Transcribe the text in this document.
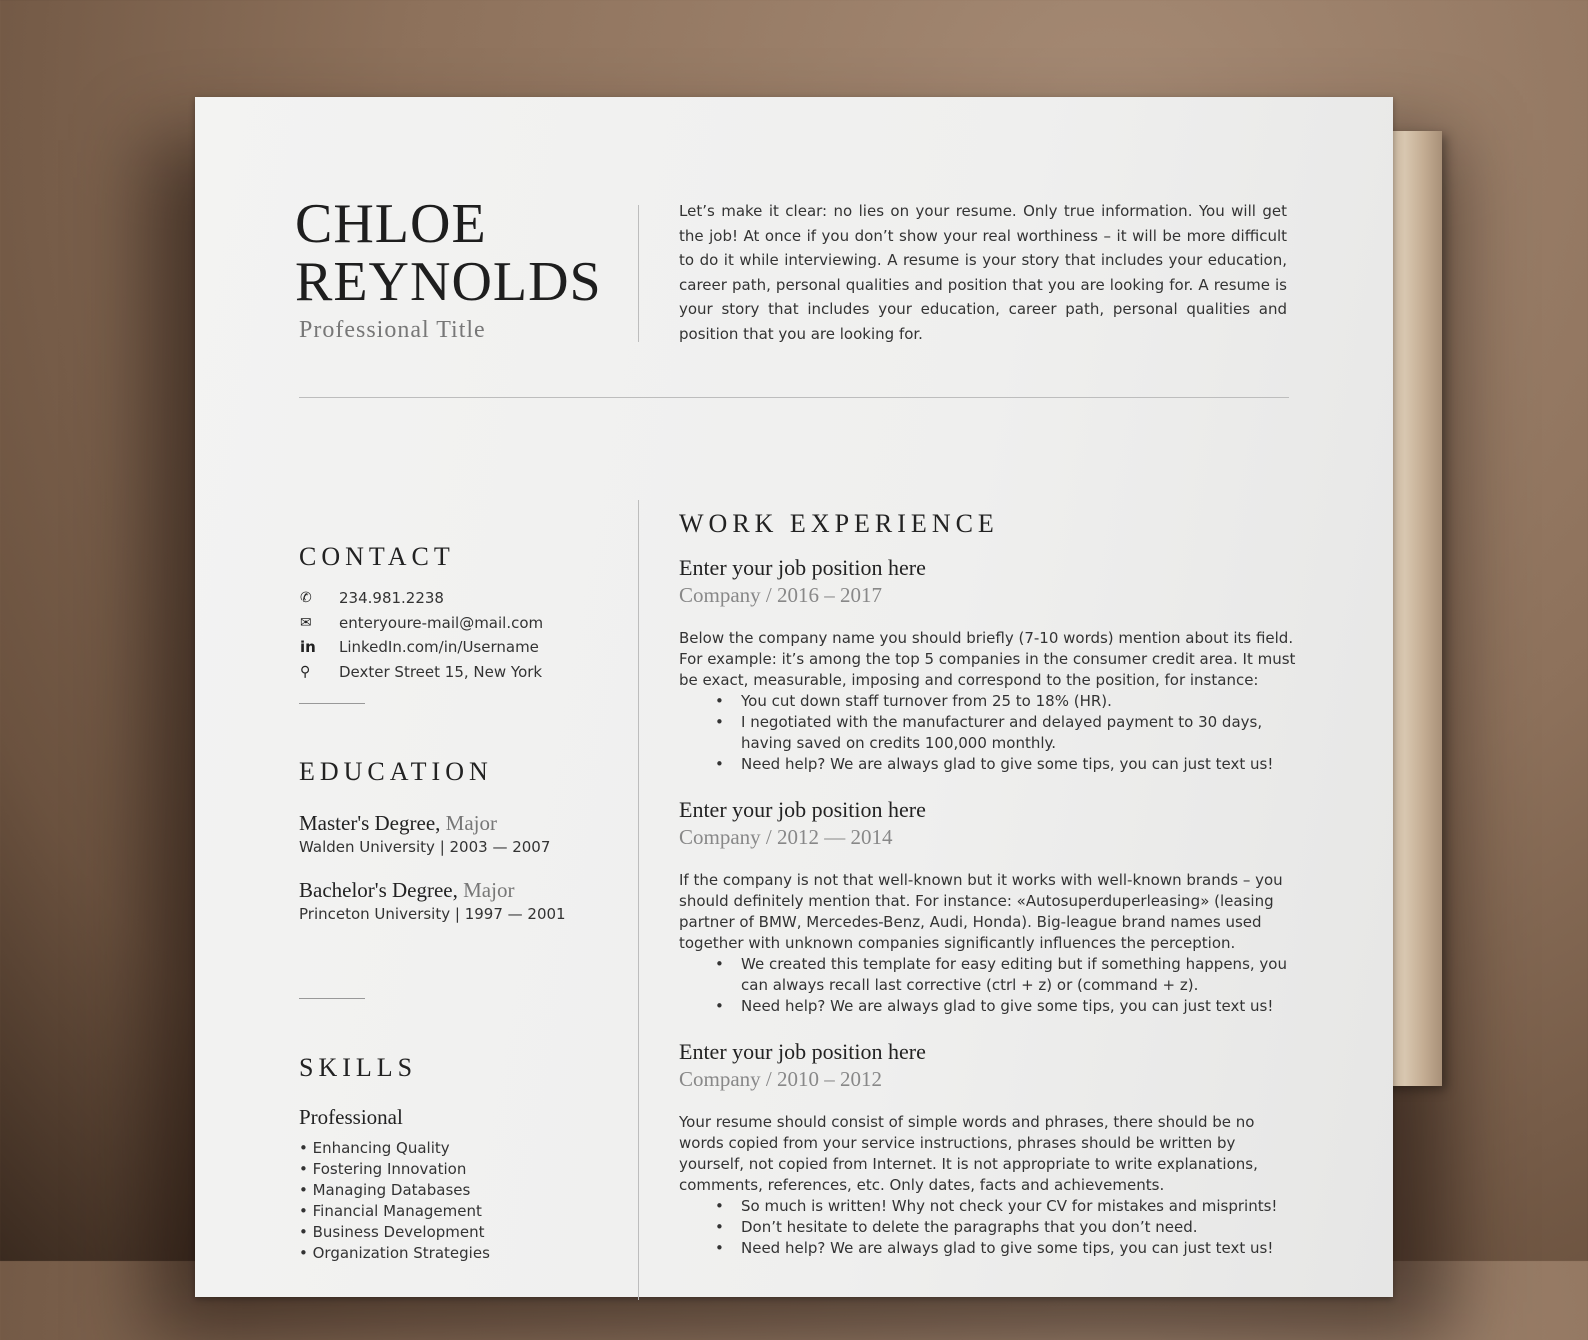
CHLOE
REYNOLDS
Professional Title
Let’s make it clear: no lies on your resume. Only true information. You will get the job! At once if you don’t show your real worthiness – it will be more difficult to do it while interviewing. A resume is your story that includes your education, career path, personal qualities and position that you are looking for. A resume is your story that includes your education, career path, personal qualities and position that you are looking for.
CONTACT
✆	234.981.2238
✉	enteryoure-mail@mail.com
in	LinkedIn.com/in/Username
⚲	Dexter Street 15, New York
EDUCATION
Master's Degree, Major
Walden University | 2003 — 2007
Bachelor's Degree, Major
Princeton University | 1997 — 2001
SKILLS
Professional
• Enhancing Quality
• Fostering Innovation
• Managing Databases
• Financial Management
• Business Development
• Organization Strategies
WORK EXPERIENCE
Enter your job position here
Company / 2016 – 2017
Below the company name you should briefly (7-10 words) mention about its field. For example: it’s among the top 5 companies in the consumer credit area. It must be exact, measurable, imposing and correspond to the position, for instance:
• You cut down staff turnover from 25 to 18% (HR).
• I negotiated with the manufacturer and delayed payment to 30 days, having saved on credits 100,000 monthly.
• Need help? We are always glad to give some tips, you can just text us!
Enter your job position here
Company / 2012 — 2014
If the company is not that well-known but it works with well-known brands – you should definitely mention that. For instance: «Autosuperduperleasing» (leasing partner of BMW, Mercedes-Benz, Audi, Honda). Big-league brand names used together with unknown companies significantly influences the perception.
• We created this template for easy editing but if something happens, you can always recall last corrective (ctrl + z) or (command + z).
• Need help? We are always glad to give some tips, you can just text us!
Enter your job position here
Company / 2010 – 2012
Your resume should consist of simple words and phrases, there should be no words copied from your service instructions, phrases should be written by yourself, not copied from Internet. It is not appropriate to write explanations, comments, references, etc. Only dates, facts and achievements.
• So much is written! Why not check your CV for mistakes and misprints!
• Don’t hesitate to delete the paragraphs that you don’t need.
• Need help? We are always glad to give some tips, you can just text us!
